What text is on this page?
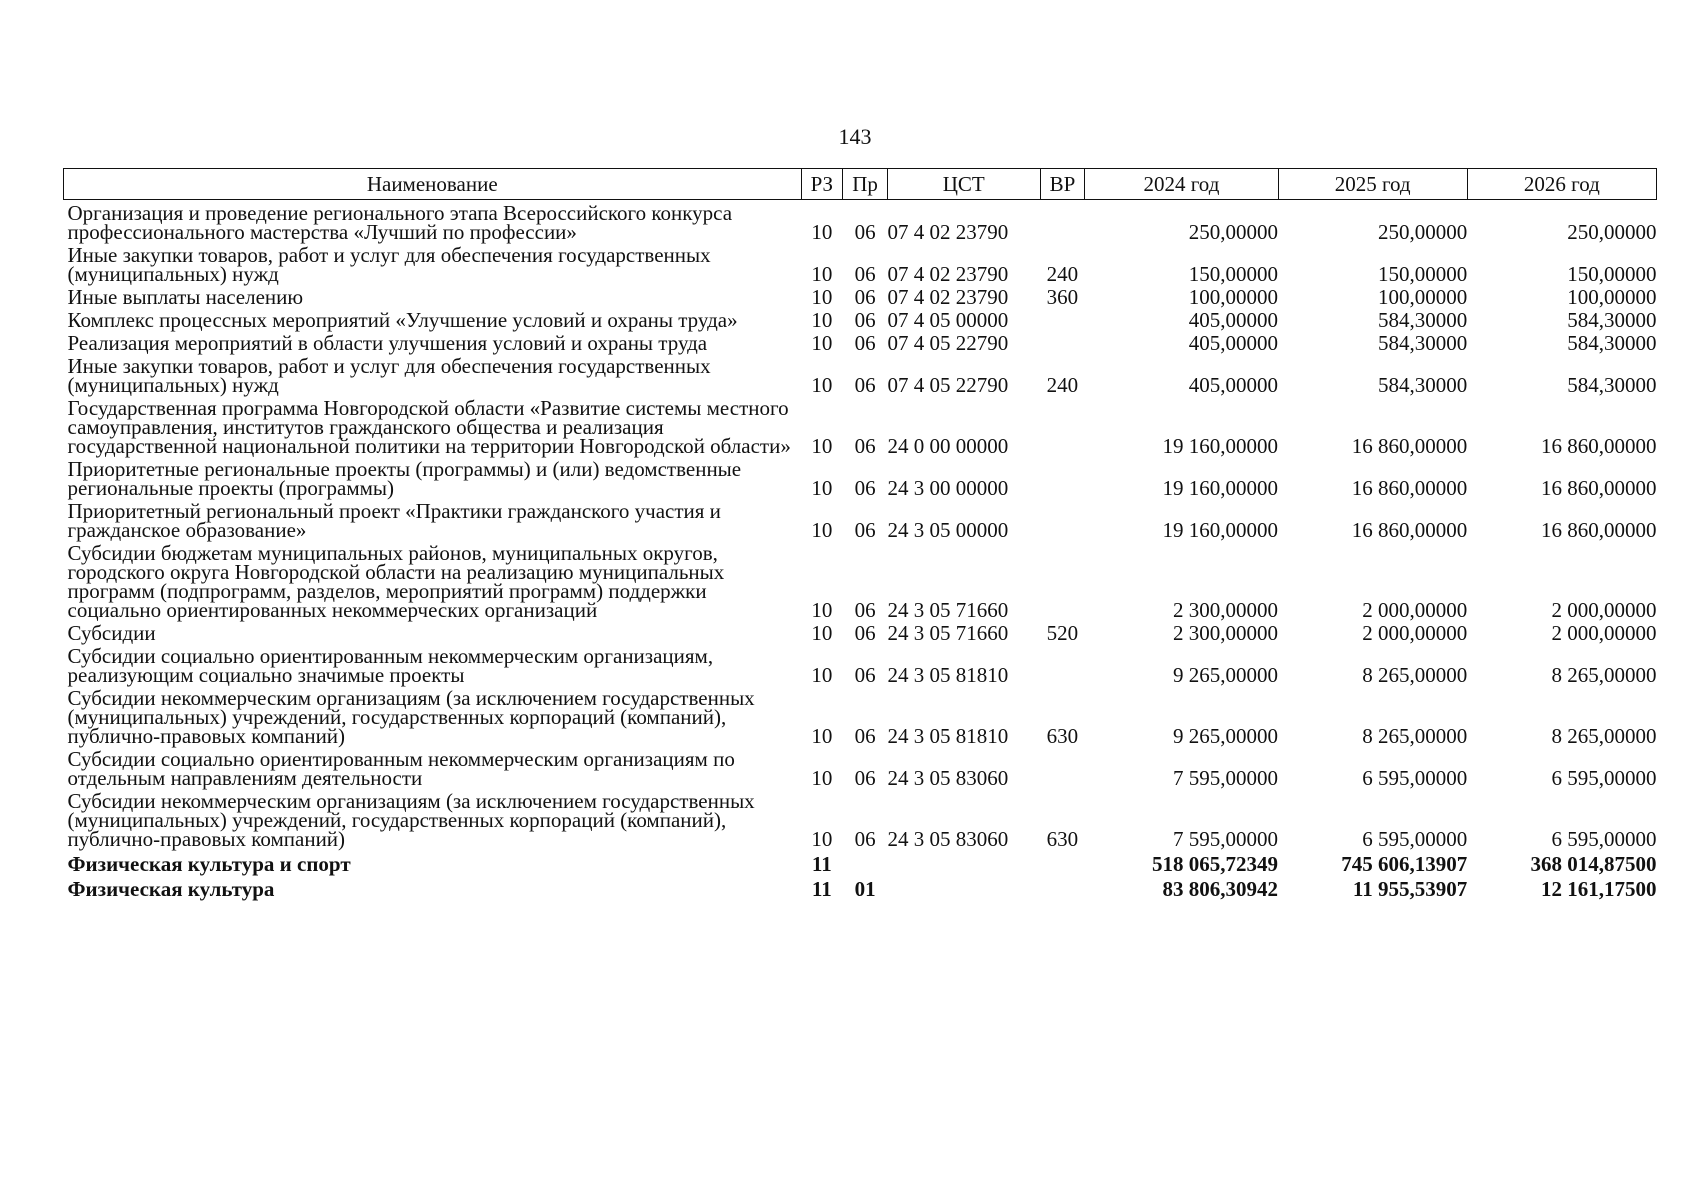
143
Наименование	РЗ	Пр	ЦСТ	ВР	2024 год	2025 год	2026 год
Организация и проведение регионального этапа Всероссийского конкурса профессионального мастерства «Лучший по профессии»	10	06	07 4 02 23790		250,00000	250,00000	250,00000
Иные закупки товаров, работ и услуг для обеспечения государственных (муниципальных) нужд	10	06	07 4 02 23790	240	150,00000	150,00000	150,00000
Иные выплаты населению	10	06	07 4 02 23790	360	100,00000	100,00000	100,00000
Комплекс процессных мероприятий «Улучшение условий и охраны труда»	10	06	07 4 05 00000		405,00000	584,30000	584,30000
Реализация мероприятий в области улучшения условий и охраны труда	10	06	07 4 05 22790		405,00000	584,30000	584,30000
Иные закупки товаров, работ и услуг для обеспечения государственных (муниципальных) нужд	10	06	07 4 05 22790	240	405,00000	584,30000	584,30000
Государственная программа Новгородской области «Развитие системы местного самоуправления, институтов гражданского общества и реализация государственной национальной политики на территории Новгородской области»	10	06	24 0 00 00000		19 160,00000	16 860,00000	16 860,00000
Приоритетные региональные проекты (программы) и (или) ведомственные региональные проекты (программы)	10	06	24 3 00 00000		19 160,00000	16 860,00000	16 860,00000
Приоритетный региональный проект «Практики гражданского участия и гражданское образование»	10	06	24 3 05 00000		19 160,00000	16 860,00000	16 860,00000
Субсидии бюджетам муниципальных районов, муниципальных округов, городского округа Новгородской области на реализацию муниципальных программ (подпрограмм, разделов, мероприятий программ) поддержки социально ориентированных некоммерческих организаций	10	06	24 3 05 71660		2 300,00000	2 000,00000	2 000,00000
Субсидии	10	06	24 3 05 71660	520	2 300,00000	2 000,00000	2 000,00000
Субсидии социально ориентированным некоммерческим организациям, реализующим социально значимые проекты	10	06	24 3 05 81810		9 265,00000	8 265,00000	8 265,00000
Субсидии некоммерческим организациям (за исключением государственных (муниципальных) учреждений, государственных корпораций (компаний), публично-правовых компаний)	10	06	24 3 05 81810	630	9 265,00000	8 265,00000	8 265,00000
Субсидии социально ориентированным некоммерческим организациям по отдельным направлениям деятельности	10	06	24 3 05 83060		7 595,00000	6 595,00000	6 595,00000
Субсидии некоммерческим организациям (за исключением государственных (муниципальных) учреждений, государственных корпораций (компаний), публично-правовых компаний)	10	06	24 3 05 83060	630	7 595,00000	6 595,00000	6 595,00000
Физическая культура и спорт	11				518 065,72349	745 606,13907	368 014,87500
Физическая культура	11	01			83 806,30942	11 955,53907	12 161,17500
